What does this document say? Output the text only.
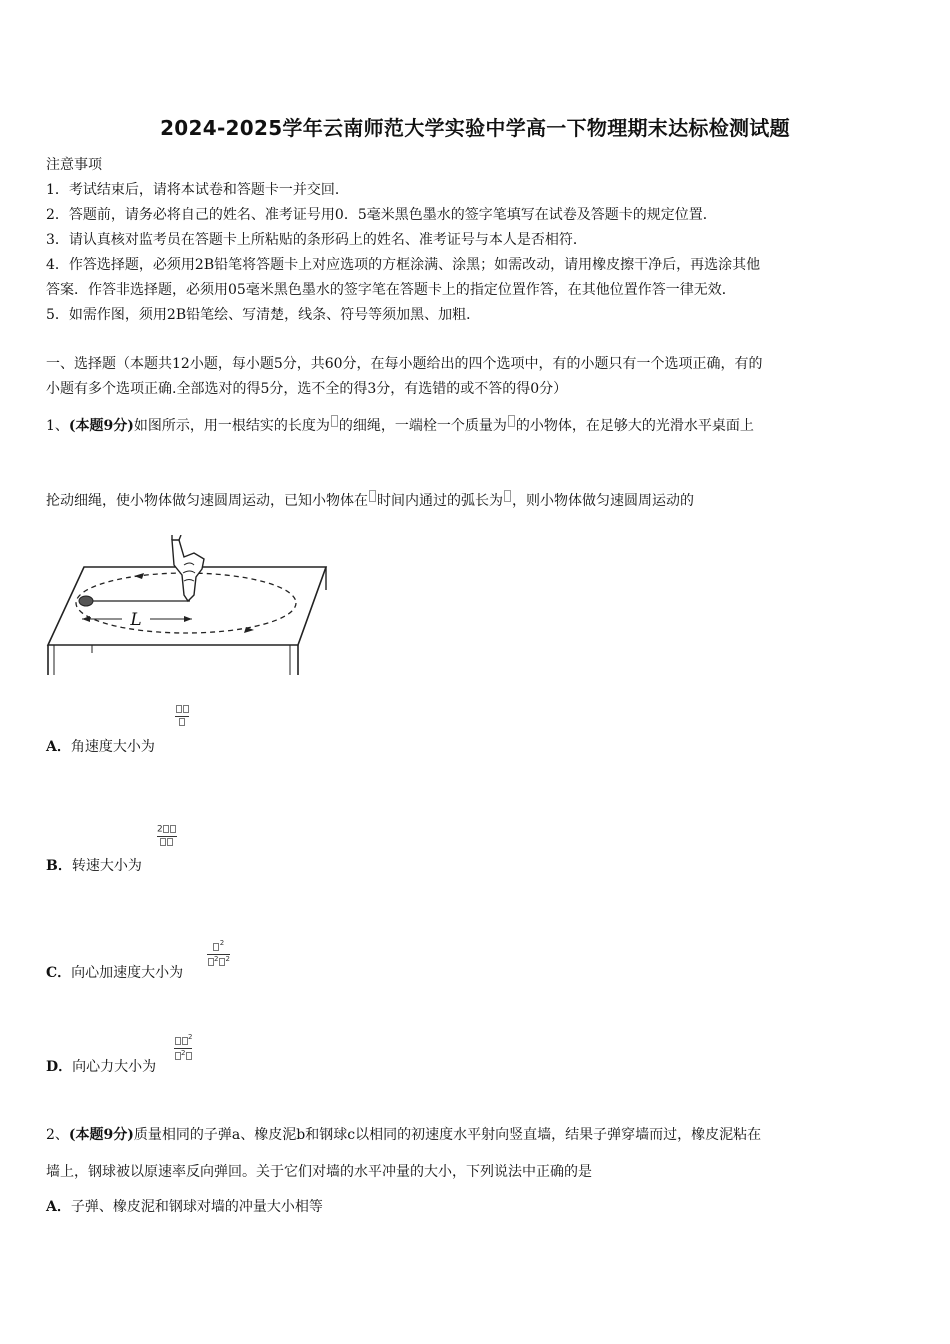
2024-2025学年云南师范大学实验中学高一下物理期末达标检测试题
注意事项
1．考试结束后，请将本试卷和答题卡一并交回．
2．答题前，请务必将自己的姓名、准考证号用0．5毫米黑色墨水的签字笔填写在试卷及答题卡的规定位置．
3．请认真核对监考员在答题卡上所粘贴的条形码上的姓名、准考证号与本人是否相符．
4．作答选择题，必须用2B铅笔将答题卡上对应选项的方框涂满、涂黑；如需改动，请用橡皮擦干净后，再选涂其他
答案．作答非选择题，必须用05毫米黑色墨水的签字笔在答题卡上的指定位置作答，在其他位置作答一律无效．
5．如需作图，须用2B铅笔绘、写清楚，线条、符号等须加黑、加粗．
一、选择题（本题共12小题，每小题5分，共60分，在每小题给出的四个选项中，有的小题只有一个选项正确，有的
小题有多个选项正确.全部选对的得5分，选不全的得3分，有选错的或不答的得0分）
1、(本题9分)如图所示，用一根结实的长度为 的细绳，一端栓一个质量为 的小物体，在足够大的光滑水平桌面上
抡动细绳，使小物体做匀速圆周运动，已知小物体在 时间内通过的弧长为 ，则小物体做匀速圆周运动的
L
A．角速度大小为
2
B．转速大小为
$^2$
$^2$ $^2$
C．向心加速度大小为
$^2$
$^2$
D．向心力大小为
2、(本题9分)质量相同的子弹a、橡皮泥b和钢球c以相同的初速度水平射向竖直墙，结果子弹穿墙而过，橡皮泥粘在
墙上，钢球被以原速率反向弹回。关于它们对墙的水平冲量的大小，下列说法中正确的是
A．子弹、橡皮泥和钢球对墙的冲量大小相等
